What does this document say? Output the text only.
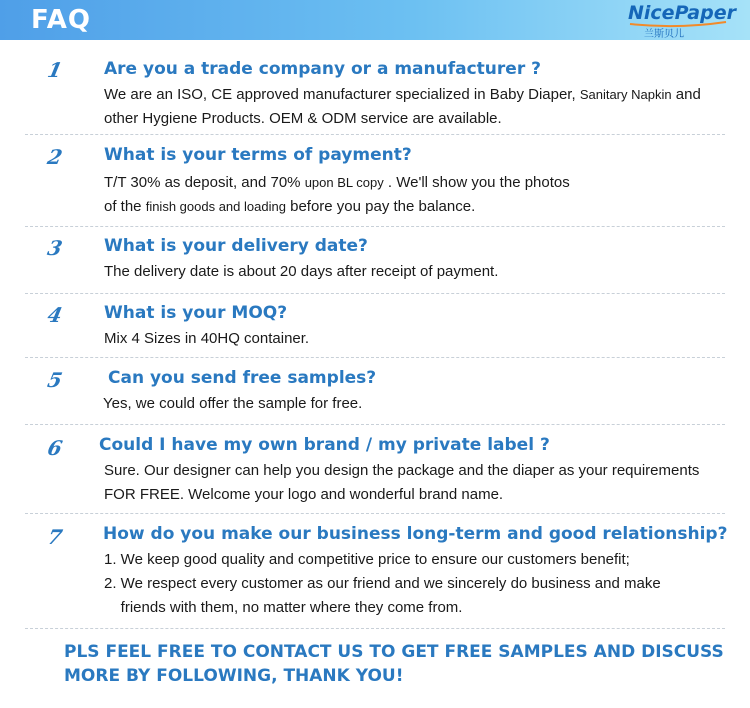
FAQ	NicePaper
兰斯贝儿
1 Are you a trade company or a manufacturer ?
We are an ISO, CE approved manufacturer specialized in Baby Diaper, Sanitary Napkin and
other Hygiene Products. OEM & ODM service are available.
2 What is your terms of payment?
T/T 30% as deposit, and 70% upon BL copy . We'll show you the photos
of the finish goods and loading before you pay the balance.
3 What is your delivery date?
The delivery date is about 20 days after receipt of payment.
4 What is your MOQ?
Mix 4 Sizes in 40HQ container.
5	Can you send free samples?
Yes, we could offer the sample for free.
6 Could I have my own brand / my private label ?
Sure. Our designer can help you design the package and the diaper as your requirements
FOR FREE. Welcome your logo and wonderful brand name.
7 How do you make our business long-term and good relationship?
1. We keep good quality and competitive price to ensure our customers benefit;
2. We respect every customer as our friend and we sincerely do business and make
friends with them, no matter where they come from.
PLS FEEL FREE TO CONTACT US TO GET FREE SAMPLES AND DISCUSS
MORE BY FOLLOWING, THANK YOU!
